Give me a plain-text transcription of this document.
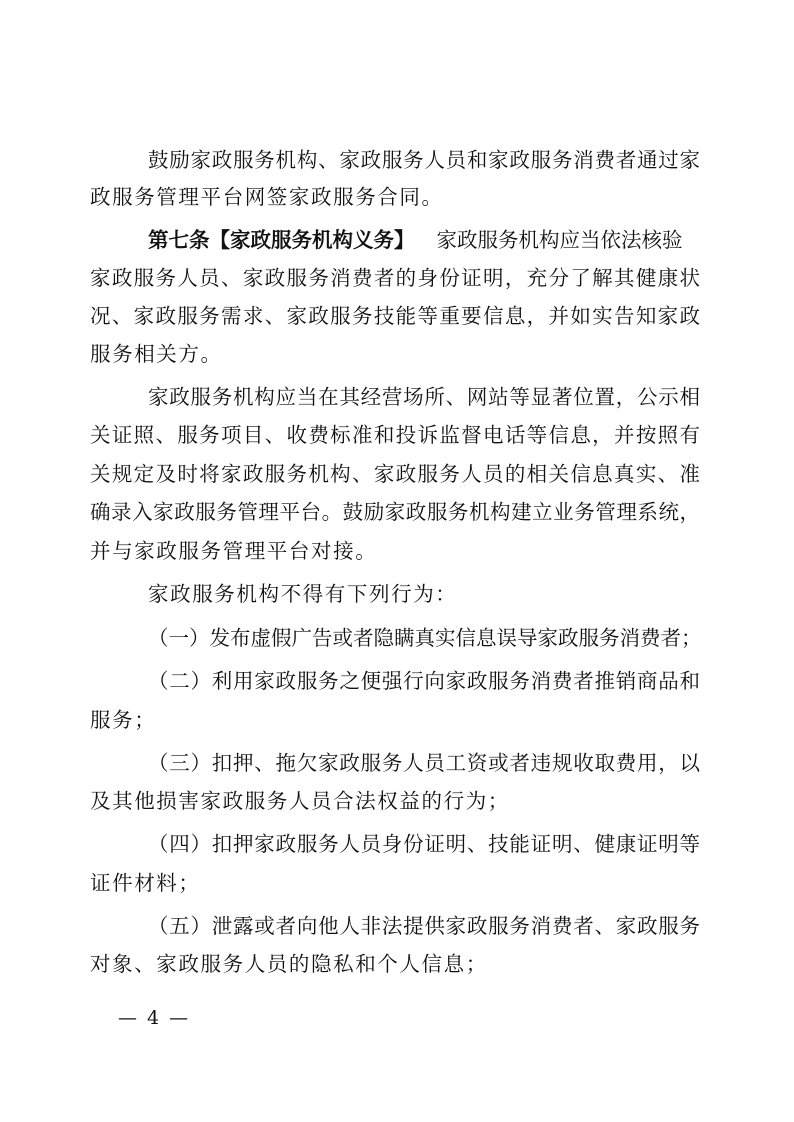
鼓励家政服务机构、家政服务人员和家政服务消费者通过家
政服务管理平台网签家政服务合同。
第七条【家政服务机构义务】 家政服务机构应当依法核验
家政服务人员、家政服务消费者的身份证明，充分了解其健康状
况、家政服务需求、家政服务技能等重要信息，并如实告知家政
服务相关方。
家政服务机构应当在其经营场所、网站等显著位置，公示相
关证照、服务项目、收费标准和投诉监督电话等信息，并按照有
关规定及时将家政服务机构、家政服务人员的相关信息真实、准
确录入家政服务管理平台。鼓励家政服务机构建立业务管理系统，
并与家政服务管理平台对接。
家政服务机构不得有下列行为：
（一）发布虚假广告或者隐瞒真实信息误导家政服务消费者；
（二）利用家政服务之便强行向家政服务消费者推销商品和
服务；
（三）扣押、拖欠家政服务人员工资或者违规收取费用，以
及其他损害家政服务人员合法权益的行为；
（四）扣押家政服务人员身份证明、技能证明、健康证明等
证件材料；
（五）泄露或者向他人非法提供家政服务消费者、家政服务
对象、家政服务人员的隐私和个人信息；
— 4 —
